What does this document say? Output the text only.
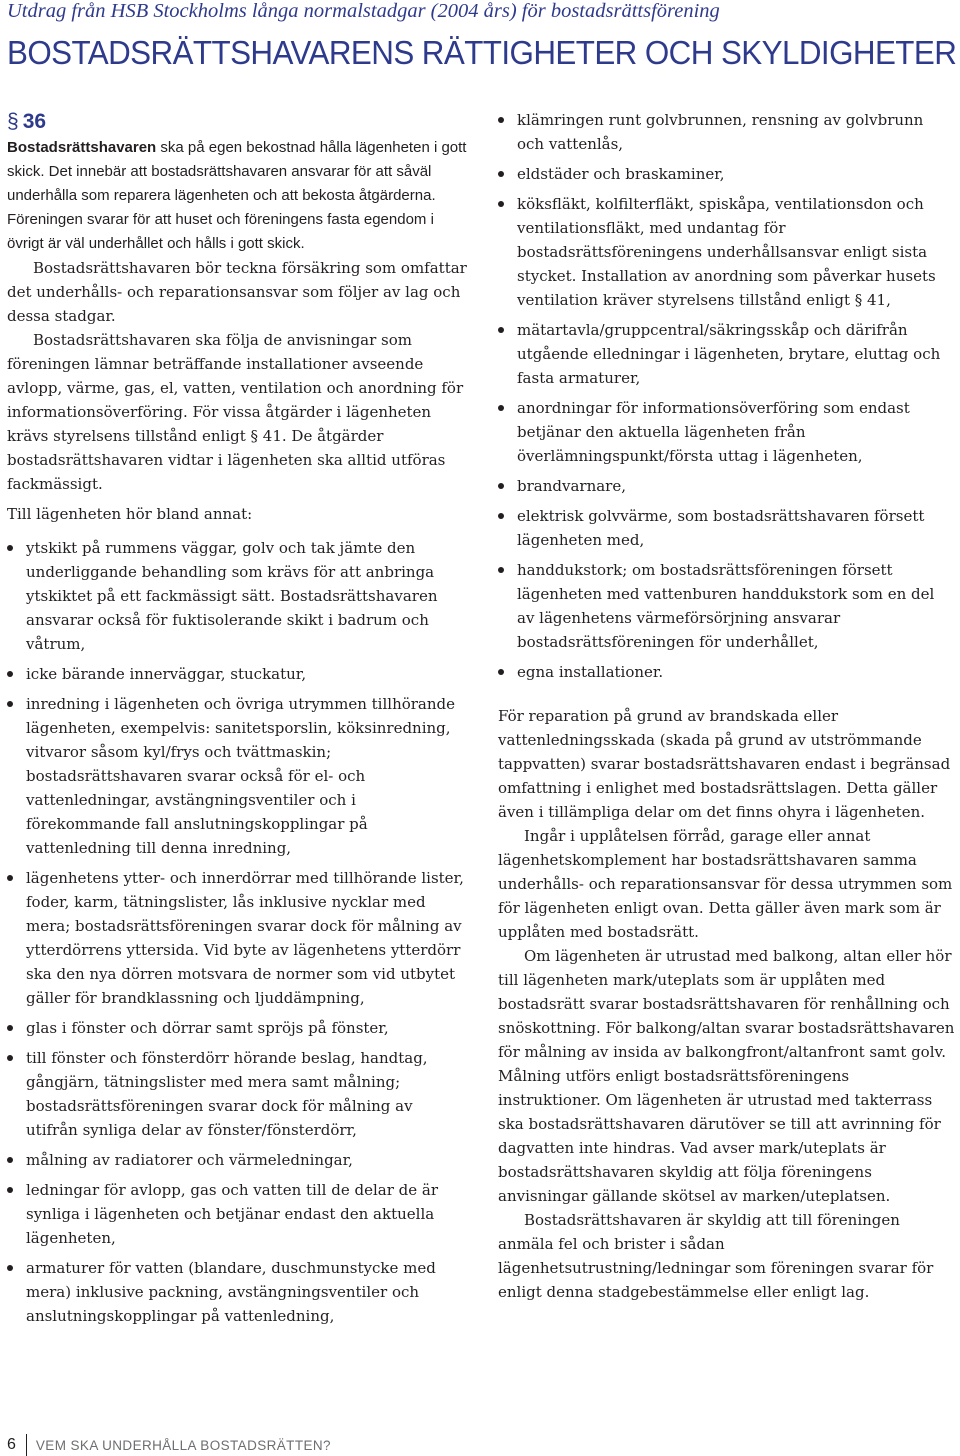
Utdrag från HSB Stockholms långa normalstadgar (2004 års) för bostadsrättsförening
BOSTADSRÄTTSHAVARENS RÄTTIGHETER OCH SKYLDIGHETER
§ 36

Bostadsrättshavaren ska på egen bekostnad hålla lägenheten i gott skick. Det innebär att bostadsrättshavaren ansvarar för att såväl underhålla som reparera lägenheten och att bekosta åtgärderna. Föreningen svarar för att huset och föreningens fasta egendom i övrigt är väl underhållet och hålls i gott skick.

Bostadsrättshavaren bör teckna försäkring som omfattar det underhålls- och reparationsansvar som följer av lag och dessa stadgar.

Bostadsrättshavaren ska följa de anvisningar som föreningen lämnar beträffande installationer avseende avlopp, värme, gas, el, vatten, ventilation och anordning för informationsöverföring. För vissa åtgärder i lägenheten krävs styrelsens tillstånd enligt § 41. De åtgärder bostadsrättshavaren vidtar i lägenheten ska alltid utföras fackmässigt.

Till lägenheten hör bland annat:

ytskikt på rummens väggar, golv och tak jämte den underliggande behandling som krävs för att anbringa ytskiktet på ett fackmässigt sätt. Bostadsrättshavaren ansvarar också för fuktisolerande skikt i badrum och våtrum,
icke bärande innerväggar, stuckatur,
inredning i lägenheten och övriga utrymmen tillhörande lägenheten, exempelvis: sanitetsporslin, köksinredning, vitvaror såsom kyl/frys och tvättmaskin; bostadsrättshavaren svarar också för el- och vattenledningar, avstängningsventiler och i förekommande fall anslutningskopplingar på vattenledning till denna inredning,
lägenhetens ytter- och innerdörrar med tillhörande lister, foder, karm, tätningslister, lås inklusive nycklar med mera; bostadsrättsföreningen svarar dock för målning av ytterdörrens yttersida. Vid byte av lägenhetens ytterdörr ska den nya dörren motsvara de normer som vid utbytet gäller för brandklassning och ljuddämpning,
glas i fönster och dörrar samt spröjs på fönster,
till fönster och fönsterdörr hörande beslag, handtag, gångjärn, tätningslister med mera samt målning; bostadsrättsföreningen svarar dock för målning av utifrån synliga delar av fönster/fönsterdörr,
målning av radiatorer och värmeledningar,
ledningar för avlopp, gas och vatten till de delar de är synliga i lägenheten och betjänar endast den aktuella lägenheten,
armaturer för vatten (blandare, duschmunstycke med mera) inklusive packning, avstängningsventiler och anslutningskopplingar på vattenledning,
klämringen runt golvbrunnen, rensning av golvbrunn och vattenlås,
eldstäder och braskaminer,
köksfläkt, kolfilterfläkt, spiskåpa, ventilationsdon och ventilationsfläkt, med undantag för bostadsrättsföreningens underhållsansvar enligt sista stycket. Installation av anordning som påverkar husets ventilation kräver styrelsens tillstånd enligt § 41,
mätartavla/gruppcentral/säkringsskåp och därifrån utgående elledningar i lägenheten, brytare, eluttag och fasta armaturer,
anordningar för informationsöverföring som endast betjänar den aktuella lägenheten från överlämningspunkt/första uttag i lägenheten,
brandvarnare,
elektrisk golvvärme, som bostadsrättshavaren försett lägenheten med,
handdukstork; om bostadsrättsföreningen försett lägenheten med vattenburen handdukstork som en del av lägenhetens värmeförsörjning ansvarar bostadsrättsföreningen för underhållet,
egna installationer.

För reparation på grund av brandskada eller vattenledningsskada (skada på grund av utströmmande tappvatten) svarar bostadsrättshavaren endast i begränsad omfattning i enlighet med bostadsrättslagen. Detta gäller även i tillämpliga delar om det finns ohyra i lägenheten.

Ingår i upplåtelsen förråd, garage eller annat lägenhetskomplement har bostadsrättshavaren samma underhålls- och reparationsansvar för dessa utrymmen som för lägenheten enligt ovan. Detta gäller även mark som är upplåten med bostadsrätt.

Om lägenheten är utrustad med balkong, altan eller hör till lägenheten mark/uteplats som är upplåten med bostadsrätt svarar bostadsrättshavaren för renhållning och snöskottning. För balkong/altan svarar bostadsrättshavaren för målning av insida av balkongfront/altanfront samt golv. Målning utförs enligt bostadsrättsföreningens instruktioner. Om lägenheten är utrustad med takterrass ska bostadsrättshavaren därutöver se till att avrinning för dagvatten inte hindras. Vad avser mark/uteplats är bostadsrättshavaren skyldig att följa föreningens anvisningar gällande skötsel av marken/uteplatsen.

Bostadsrättshavaren är skyldig att till föreningen anmäla fel och brister i sådan lägenhetsutrustning/ledningar som föreningen svarar för enligt denna stadgebestämmelse eller enligt lag.

6 VEM SKA UNDERHÅLLA BOSTADSRÄTTEN?
